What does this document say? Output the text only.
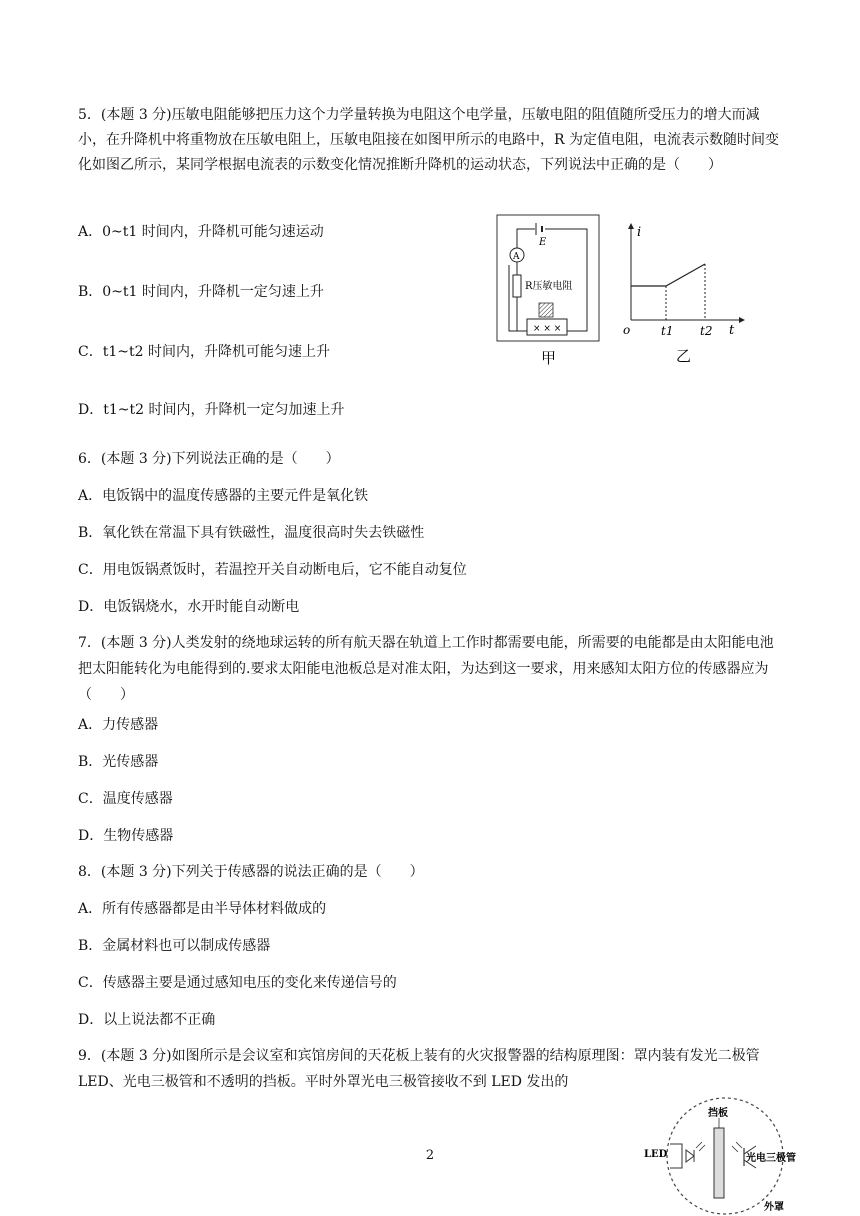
5．(本题 3 分)压敏电阻能够把压力这个力学量转换为电阻这个电学量，压敏电阻的阻值随所受压力的增大而减小，在升降机中将重物放在压敏电阻上，压敏电阻接在如图甲所示的电路中，R 为定值电阻，电流表示数随时间变化如图乙所示，某同学根据电流表的示数变化情况推断升降机的运动状态，下列说法中正确的是（　　）

A．0~t1 时间内，升降机可能匀速运动
B．0~t1 时间内，升降机一定匀速上升
C．t1~t2 时间内，升降机可能匀速上升
D．t1~t2 时间内，升降机一定匀加速上升
E
A
R压敏电阻
× × ×
甲
i
t
o	t1 t2
乙
6．(本题 3 分)下列说法正确的是（　　）
A．电饭锅中的温度传感器的主要元件是氧化铁
B．氧化铁在常温下具有铁磁性，温度很高时失去铁磁性
C．用电饭锅煮饭时，若温控开关自动断电后，它不能自动复位
D．电饭锅烧水，水开时能自动断电

7．(本题 3 分)人类发射的绕地球运转的所有航天器在轨道上工作时都需要电能，所需要的电能都是由太阳能电池把太阳能转化为电能得到的.要求太阳能电池板总是对准太阳，为达到这一要求，用来感知太阳方位的传感器应为（　　）

A．力传感器
B．光传感器
C．温度传感器
D．生物传感器
8．(本题 3 分)下列关于传感器的说法正确的是（　　）
A．所有传感器都是由半导体材料做成的
B．金属材料也可以制成传感器
C．传感器主要是通过感知电压的变化来传递信号的
D．以上说法都不正确

9．(本题 3 分)如图所示是会议室和宾馆房间的天花板上装有的火灾报警器的结构原理图：罩内装有发光二极管 LED、光电三极管和不透明的挡板。平时外罩光电三极管接收不到 LED 发出的

挡板
LED	光电三极管
外罩
2
